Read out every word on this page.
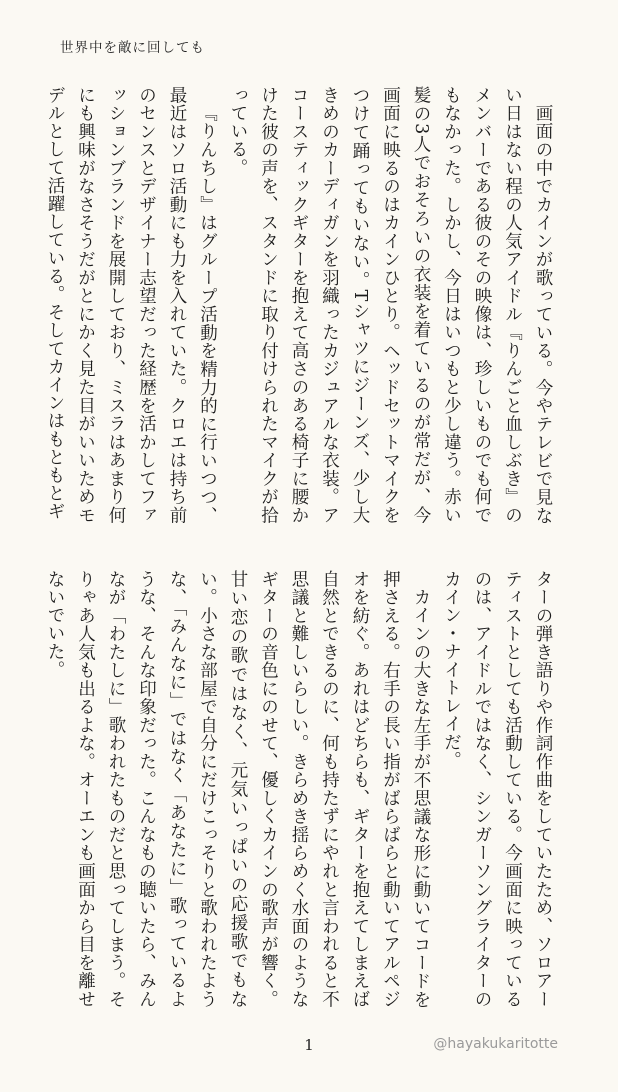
世界中を敵に回しても

画面の中でカインが歌っている。今やテレビで見ない日はない程の人気アイドル『りんごと血しぶき』のメンバーである彼のその映像は、珍しいものでも何でもなかった。しかし、今日はいつもと少し違う。赤い髪の3人でおそろいの衣装を着ているのが常だが、今画面に映るのはカインひとり。ヘッドセットマイクをつけて踊ってもいない。Tシャツにジーンズ、少し大きめのカーディガンを羽織ったカジュアルな衣装。アコースティックギターを抱えて高さのある椅子に腰かけた彼の声を、スタンドに取り付けられたマイクが拾っている。

『りんちし』はグループ活動を精力的に行いつつ、最近はソロ活動にも力を入れていた。クロエは持ち前のセンスとデザイナー志望だった経歴を活かしてファッションブランドを展開しており、ミスラはあまり何にも興味がなさそうだがとにかく見た目がいいためモデルとして活躍している。そしてカインはもともとギ

ターの弾き語りや作詞作曲をしていたため、ソロアーティストとしても活動している。今画面に映っているのは、アイドルではなく、シンガーソングライターのカイン・ナイトレイだ。

カインの大きな左手が不思議な形に動いてコードを押さえる。右手の長い指がばらばらと動いてアルペジオを紡ぐ。あれはどちらも、ギターを抱えてしまえば自然とできるのに、何も持たずにやれと言われると不思議と難しいらしい。きらめき揺らめく水面のようなギターの音色にのせて、優しくカインの歌声が響く。甘い恋の歌ではなく、元気いっぱいの応援歌でもない。小さな部屋で自分にだけこっそりと歌われたような、「みんなに」ではなく「あなたに」歌っているような、そんな印象だった。こんなもの聴いたら、みんなが「わたしに」歌われたものだと思ってしまう。そりゃあ人気も出るよな。オーエンも画面から目を離せないでいた。

1	@hayakukaritotte
